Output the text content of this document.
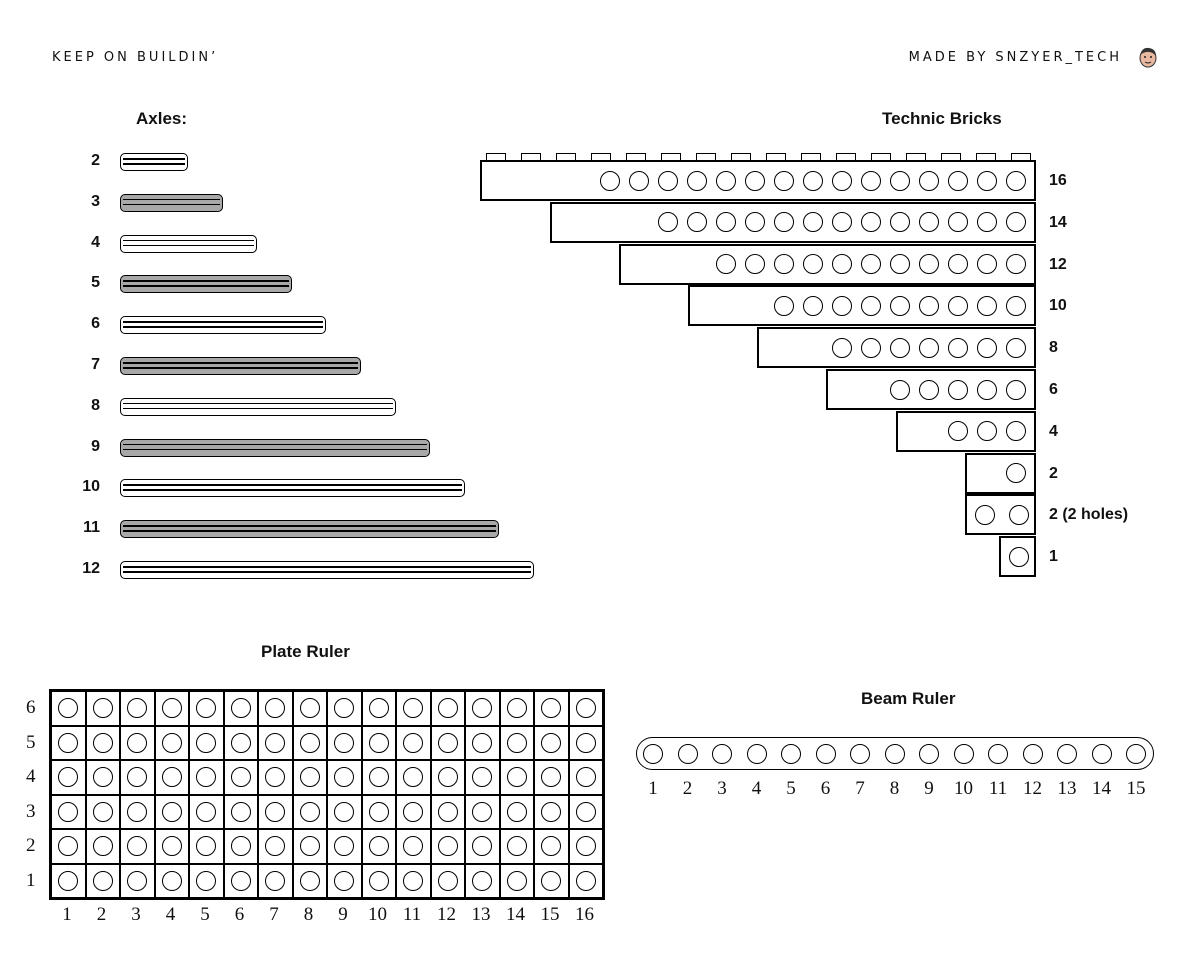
KEEP ON BUILDIN’	MADE BY SNZYER_TECH
Axles:
2
3
4
5
6
7
8
9
10
11
12
Technic Bricks
16
14
12
10
8
6
4
2
2 (2 holes)
1
Plate Ruler
6
5
4
3
2
1
1	2	3	4	5	6	7	8	9	10 11 12 13 14 15 16
Beam Ruler
1	2	3	4	5	6	7	8	9	10 11 12 13 14 15
